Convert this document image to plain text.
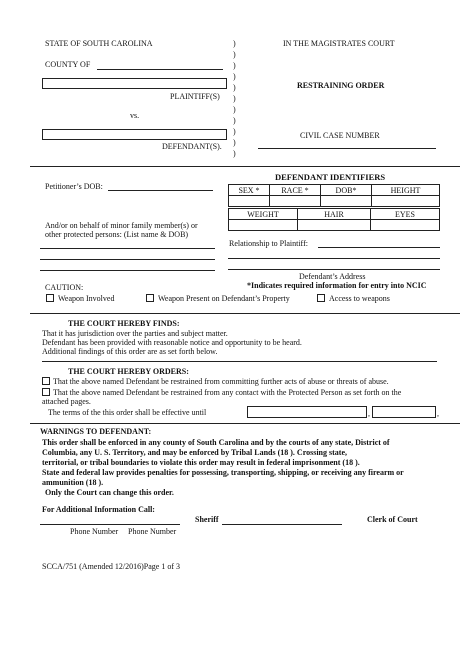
STATE OF SOUTH CAROLINA
COUNTY OF
PLAINTIFF(S)
vs.
DEFENDANT(S).
)
)
)
)
)
)
)
)
)
)
)
IN THE MAGISTRATES COURT
RESTRAINING ORDER
CIVIL CASE NUMBER
DEFENDANT IDENTIFIERS
Petitioner’s DOB:	SEX *	RACE *	DOB*	HEIGHT

WEIGHT	HAIR	EYES

And/or on behalf of minor family member(s) or
other protected persons: (List name & DOB)
Relationship to Plaintiff:
Defendant’s Address
*Indicates required information for entry into NCIC
CAUTION:
Weapon Involved	Weapon Present on Defendant’s Property	Access to weapons
THE COURT HEREBY FINDS:
That it has jurisdiction over the parties and subject matter.
Defendant has been provided with reasonable notice and opportunity to be heard.
Additional findings of this order are as set forth below.
THE COURT HEREBY ORDERS:
That the above named Defendant be restrained from committing further acts of abuse or threats of abuse.
That the above named Defendant be restrained from any contact with the Protected Person as set forth on the
attached pages.
The terms of the this order shall be effective until	,	,
WARNINGS TO DEFENDANT:
This order shall be enforced in any county of South Carolina and by the courts of any state, District of
Columbia, any U. S. Territory, and may be enforced by Tribal Lands (18 ). Crossing state,
territorial, or tribal boundaries to violate this order may result in federal imprisonment (18 ).
State and federal law provides penalties for possessing, transporting, shipping, or receiving any firearm or
ammunition (18 ).
Only the Court can change this order.
For Additional Information Call:
Sheriff	Clerk of Court
Phone Number Phone Number
SCCA/751 (Amended 12/2016)Page 1 of 3
